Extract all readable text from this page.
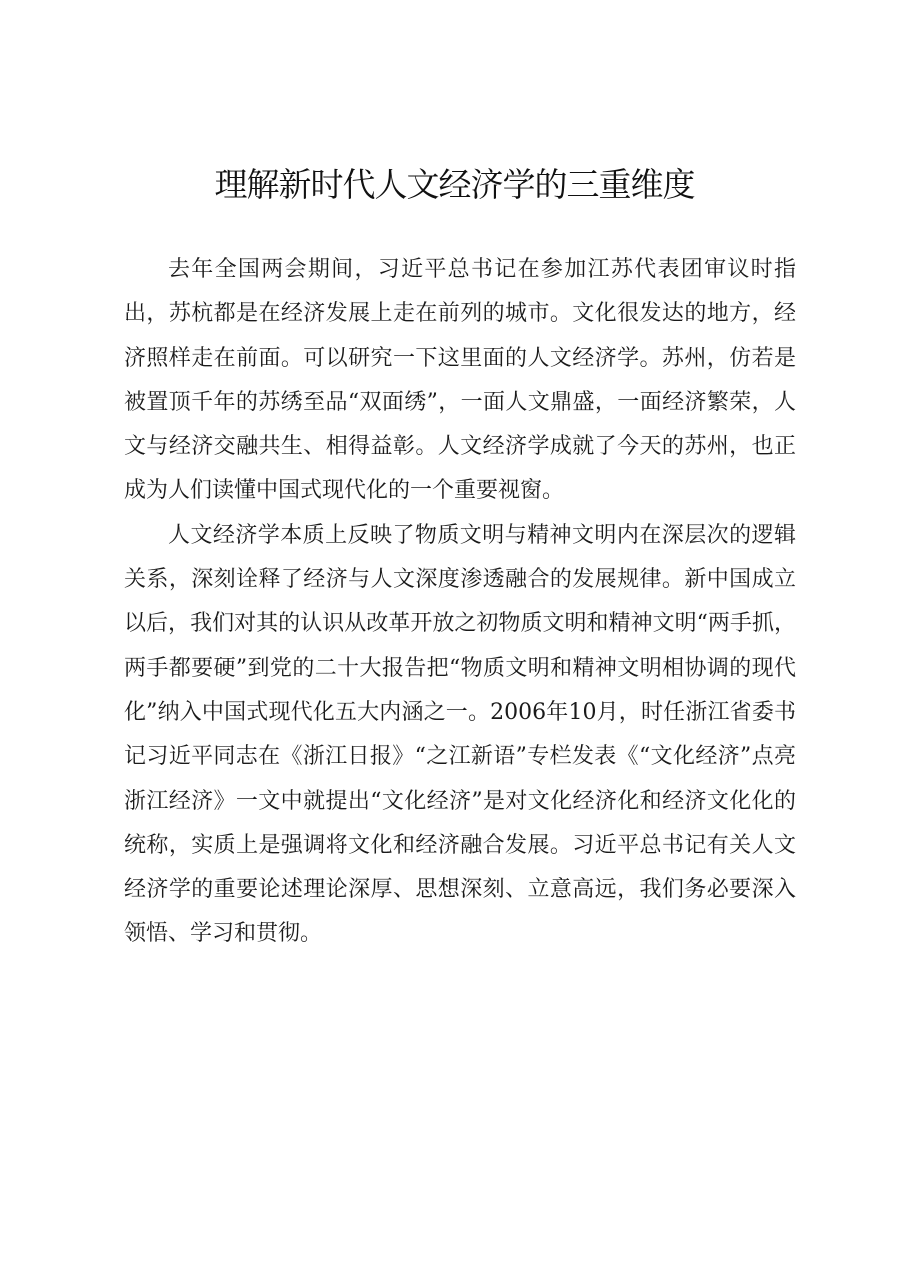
理解新时代人文经济学的三重维度

去年全国两会期间，习近平总书记在参加江苏代表团审议时指出，苏杭都是在经济发展上走在前列的城市。文化很发达的地方，经济照样走在前面。可以研究一下这里面的人文经济学。苏州，仿若是被置顶千年的苏绣至品“双面绣”，一面人文鼎盛，一面经济繁荣，人文与经济交融共生、相得益彰。人文经济学成就了今天的苏州，也正成为人们读懂中国式现代化的一个重要视窗。

人文经济学本质上反映了物质文明与精神文明内在深层次的逻辑关系，深刻诠释了经济与人文深度渗透融合的发展规律。新中国成立以后，我们对其的认识从改革开放之初物质文明和精神文明“两手抓，两手都要硬”到党的二十大报告把“物质文明和精神文明相协调的现代化”纳入中国式现代化五大内涵之一。2006年10月，时任浙江省委书记习近平同志在《浙江日报》“之江新语”专栏发表《“文化经济”点亮浙江经济》一文中就提出“文化经济”是对文化经济化和经济文化化的统称，实质上是强调将文化和经济融合发展。习近平总书记有关人文经济学的重要论述理论深厚、思想深刻、立意高远，我们务必要深入领悟、学习和贯彻。
